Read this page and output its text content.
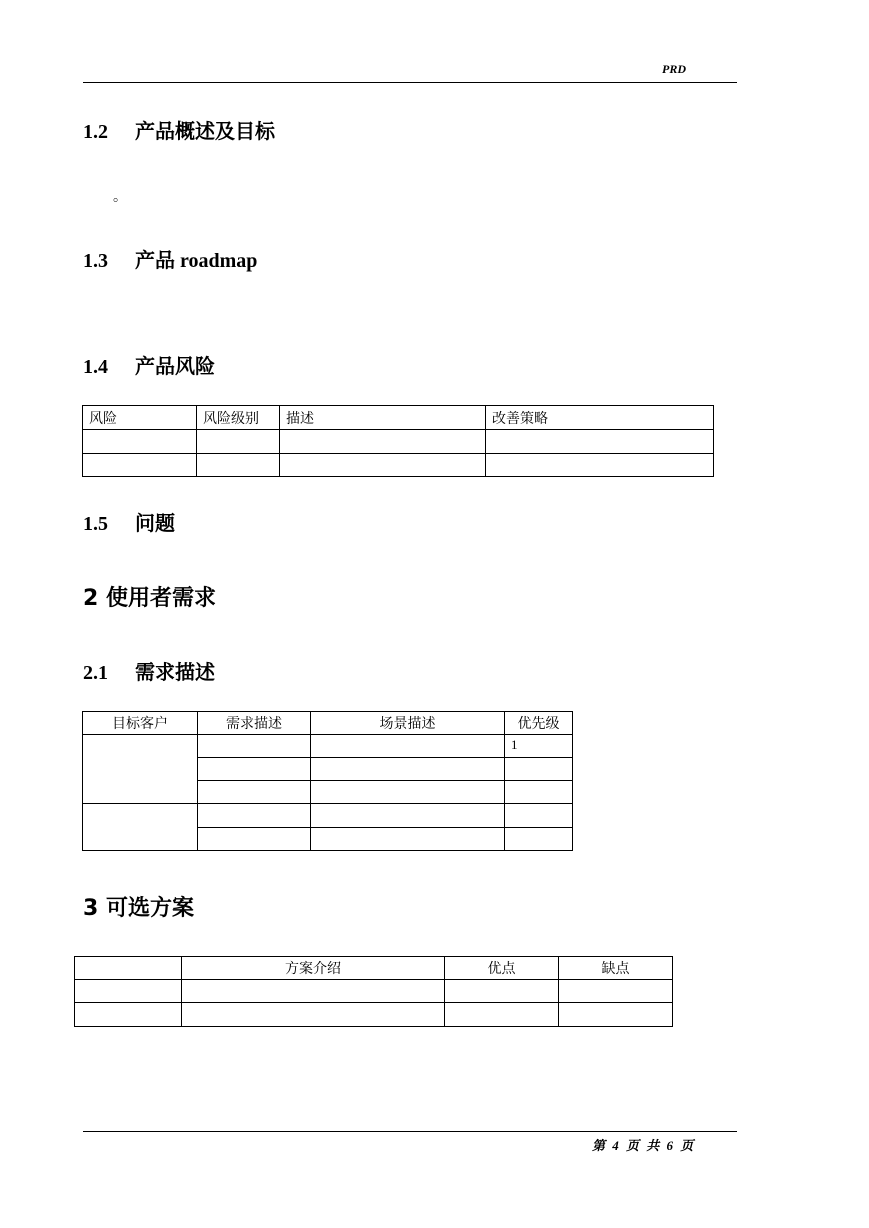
PRD
1.2 产品概述及目标
。
1.3 产品 roadmap
1.4 产品风险
风险	风险级别	描述	改善策略

1.5 问题
2 使用者需求
2.1 需求描述
目标客户	需求描述	场景描述	优先级
			1

3 可选方案
	方案介绍	优点	缺点

第 4 页 共 6 页
